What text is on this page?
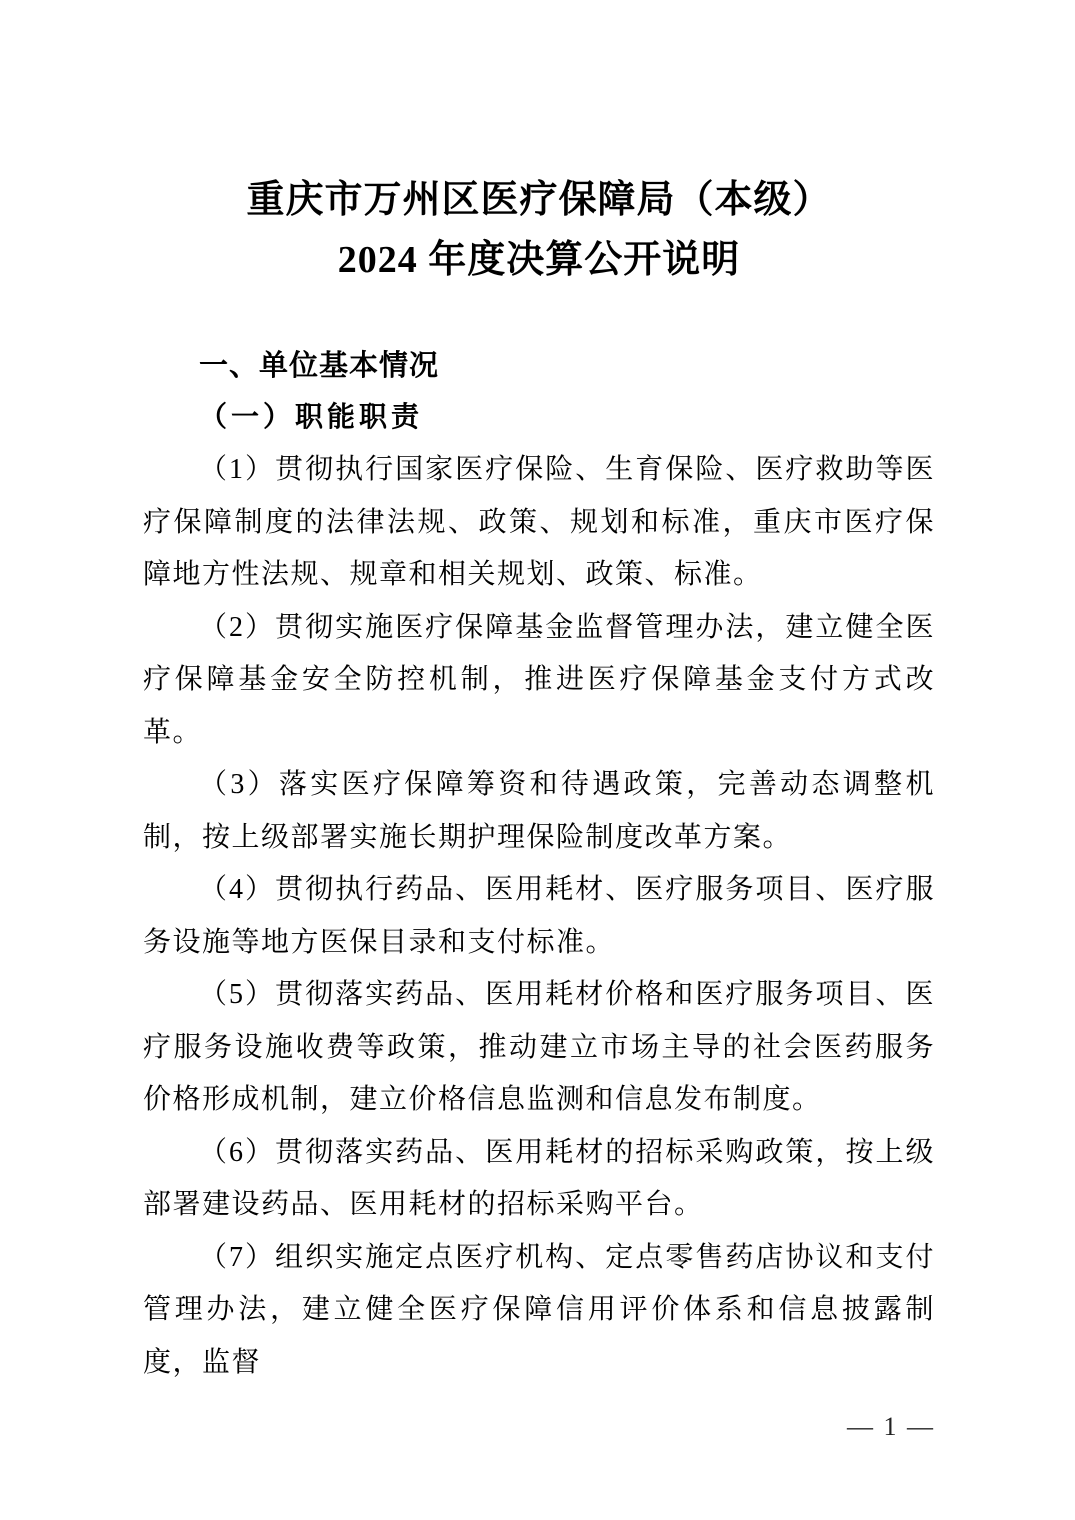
重庆市万州区医疗保障局（本级）
2024 年度决算公开说明
一、单位基本情况
（一）职能职责

（1）贯彻执行国家医疗保险、生育保险、医疗救助等医疗保障制度的法律法规、政策、规划和标准，重庆市医疗保障地方性法规、规章和相关规划、政策、标准。

（2）贯彻实施医疗保障基金监督管理办法，建立健全医疗保障基金安全防控机制，推进医疗保障基金支付方式改革。

（3）落实医疗保障筹资和待遇政策，完善动态调整机制，按上级部署实施长期护理保险制度改革方案。

（4）贯彻执行药品、医用耗材、医疗服务项目、医疗服务设施等地方医保目录和支付标准。

（5）贯彻落实药品、医用耗材价格和医疗服务项目、医疗服务设施收费等政策，推动建立市场主导的社会医药服务价格形成机制，建立价格信息监测和信息发布制度。

（6）贯彻落实药品、医用耗材的招标采购政策，按上级部署建设药品、医用耗材的招标采购平台。

（7）组织实施定点医疗机构、定点零售药店协议和支付管理办法，建立健全医疗保障信用评价体系和信息披露制度，监督

— 1 —
